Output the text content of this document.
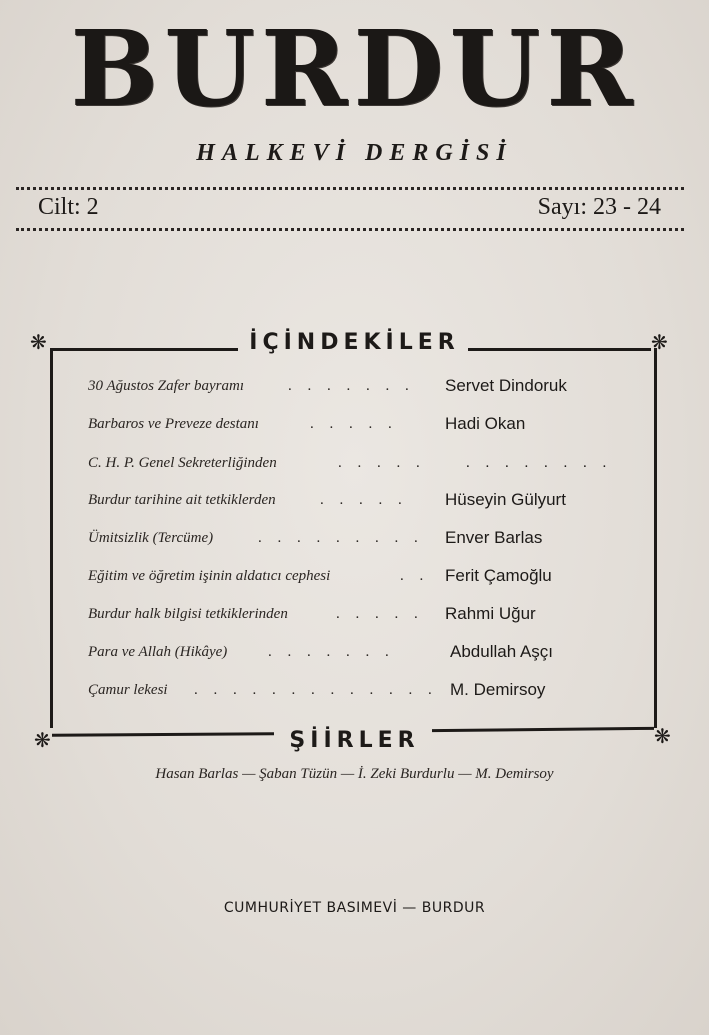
BURDUR
HALKEVİ DERGİSİ
Cilt: 2	Sayı: 23 - 24
❋	İÇİNDEKİLER	❋
30 Ağustos Zafer bayramı	. . . . . . . Servet Dindoruk
Barbaros ve Preveze destanı	. . . . .	Hadi Okan
C. H. P. Genel Sekreterliğinden	. . . . .	. . . . . . . .
Burdur tarihine ait tetkiklerden	. . . . . Hüseyin Gülyurt
Ümitsizlik (Tercüme)	. . . . . . . . . Enver Barlas
Eğitim ve öğretim işinin aldatıcı cephesi	. . Ferit Çamoğlu
Burdur halk bilgisi tetkiklerinden	. . . . . Rahmi Uğur
Para ve Allah (Hikâye)	. . . . . . .	Abdullah Aşçı
Çamur lekesi . . . . . . . . . . . . . M. Demirsoy
❋	ŞİİRLER	❋
Hasan Barlas — Şaban Tüzün — İ. Zeki Burdurlu — M. Demirsoy
CUMHURİYET BASIMEVİ — BURDUR
